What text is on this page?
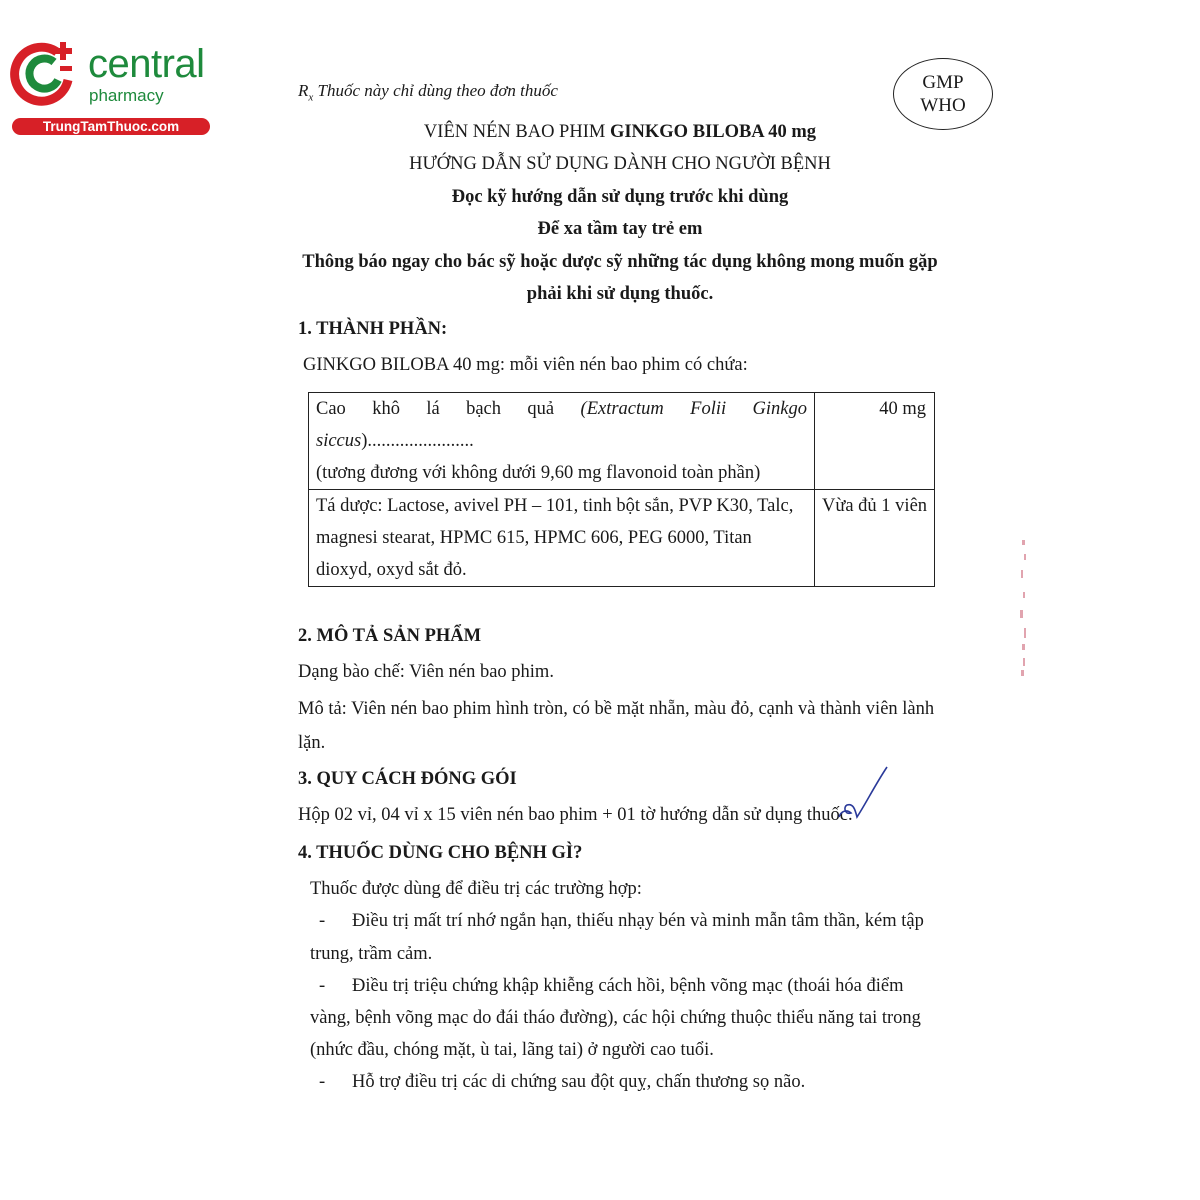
central
pharmacy
TrungTamThuoc.com
GMP
WHO
$R_x$ Thuốc này chỉ dùng theo đơn thuốc
VIÊN NÉN BAO PHIM GINKGO BILOBA 40 mg
HƯỚNG DẪN SỬ DỤNG DÀNH CHO NGƯỜI BỆNH
Đọc kỹ hướng dẫn sử dụng trước khi dùng
Để xa tầm tay trẻ em
Thông báo ngay cho bác sỹ hoặc dược sỹ những tác dụng không mong muốn gặp
phải khi sử dụng thuốc.
1. THÀNH PHẦN:
GINKGO BILOBA 40 mg: mỗi viên nén bao phim có chứa:
Cao khô lá bạch quả (Extractum Folii Ginkgo
siccus).......................
(tương đương với không dưới 9,60 mg flavonoid toàn phần)	40 mg
Tá dược: Lactose, avivel PH – 101, tinh bột sắn, PVP K30, Talc,
magnesi stearat, HPMC 615, HPMC 606, PEG 6000, Titan
dioxyd, oxyd sắt đỏ.	Vừa đủ 1 viên
2. MÔ TẢ SẢN PHẨM
Dạng bào chế: Viên nén bao phim.
Mô tả: Viên nén bao phim hình tròn, có bề mặt nhẵn, màu đỏ, cạnh và thành viên lành
lặn.
3. QUY CÁCH ĐÓNG GÓI
Hộp 02 vỉ, 04 vỉ x 15 viên nén bao phim + 01 tờ hướng dẫn sử dụng thuốc.
4. THUỐC DÙNG CHO BỆNH GÌ?
Thuốc được dùng để điều trị các trường hợp:
- Điều trị mất trí nhớ ngắn hạn, thiếu nhạy bén và minh mẫn tâm thần, kém tập
trung, trầm cảm.
- Điều trị triệu chứng khập khiễng cách hồi, bệnh võng mạc (thoái hóa điểm
vàng, bệnh võng mạc do đái tháo đường), các hội chứng thuộc thiểu năng tai trong
(nhức đầu, chóng mặt, ù tai, lãng tai) ở người cao tuổi.
- Hỗ trợ điều trị các di chứng sau đột quỵ, chấn thương sọ não.
